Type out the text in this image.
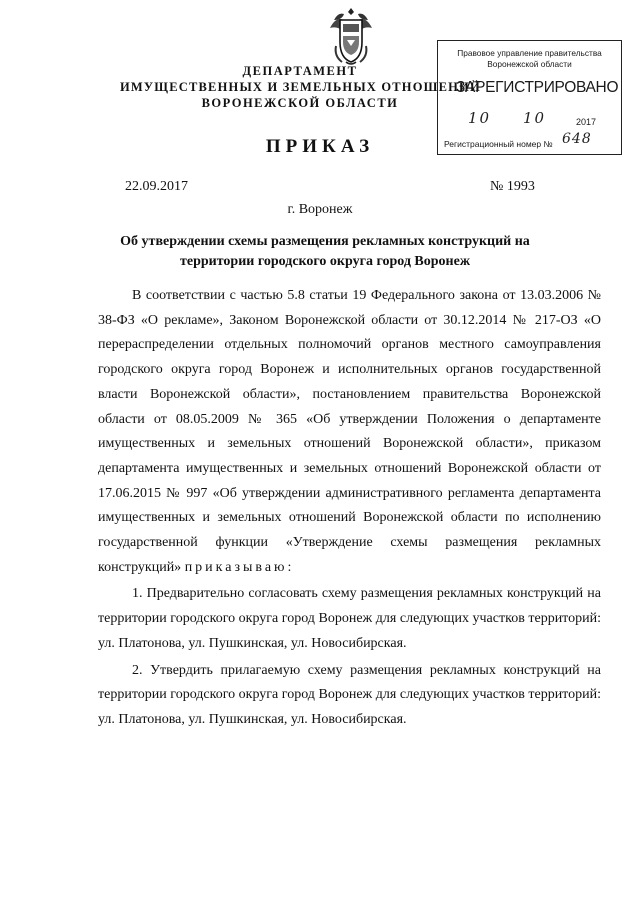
ДЕПАРТАМЕНТ
ИМУЩЕСТВЕННЫХ И ЗЕМЕЛЬНЫХ ОТНОШЕНИЙ
ВОРОНЕЖСКОЙ ОБЛАСТИ
Правовое управление правительства
Воронежской области
ЗАРЕГИСТРИРОВАНО
10 10	2017
Регистрационный номер № 648
ПРИКАЗ
22.09.2017	№ 1993
г. Воронеж
Об утверждении схемы размещения рекламных конструкций на территории городского округа город Воронеж

В соответствии с частью 5.8 статьи 19 Федерального закона от 13.03.2006 № 38-ФЗ «О рекламе», Законом Воронежской области от 30.12.2014 № 217-ОЗ «О перераспределении отдельных полномочий органов местного самоуправления городского округа город Воронеж и исполнительных органов государственной власти Воронежской области», постановлением правительства Воронежской области от 08.05.2009 № 365 «Об утверждении Положения о департаменте имущественных и земельных отношений Воронежской области», приказом департамента имущественных и земельных отношений Воронежской области от 17.06.2015 № 997 «Об утверждении административного регламента департамента имущественных и земельных отношений Воронежской области по исполнению государственной функции «Утверждение схемы размещения рекламных конструкций» приказываю:

1. Предварительно согласовать схему размещения рекламных конструкций на территории городского округа город Воронеж для следующих участков территорий: ул. Платонова, ул. Пушкинская, ул. Новосибирская.

2. Утвердить прилагаемую схему размещения рекламных конструкций на территории городского округа город Воронеж для следующих участков территорий: ул. Платонова, ул. Пушкинская, ул. Новосибирская.
